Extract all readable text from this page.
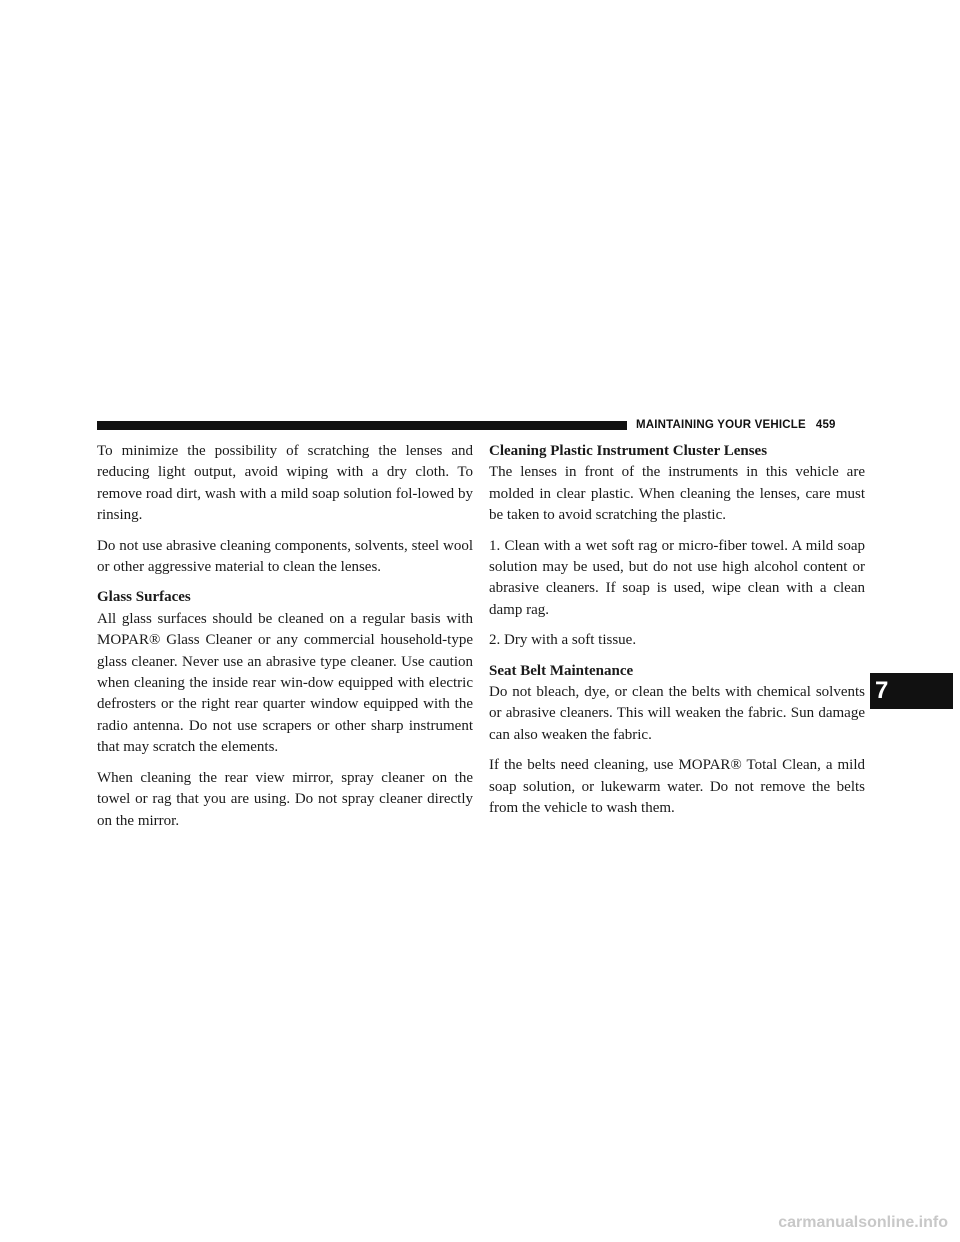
MAINTAINING YOUR VEHICLE 459

To minimize the possibility of scratching the lenses and reducing light output, avoid wiping with a dry cloth. To remove road dirt, wash with a mild soap solution fol-lowed by rinsing.

Do not use abrasive cleaning components, solvents, steel wool or other aggressive material to clean the lenses.

Glass Surfaces

All glass surfaces should be cleaned on a regular basis with MOPAR® Glass Cleaner or any commercial household-type glass cleaner. Never use an abrasive type cleaner. Use caution when cleaning the inside rear win-dow equipped with electric defrosters or the right rear quarter window equipped with the radio antenna. Do not use scrapers or other sharp instrument that may scratch the elements.

When cleaning the rear view mirror, spray cleaner on the towel or rag that you are using. Do not spray cleaner directly on the mirror.

Cleaning Plastic Instrument Cluster Lenses

The lenses in front of the instruments in this vehicle are molded in clear plastic. When cleaning the lenses, care must be taken to avoid scratching the plastic.

1. Clean with a wet soft rag or micro-fiber towel. A mild soap solution may be used, but do not use high alcohol content or abrasive cleaners. If soap is used, wipe clean with a clean damp rag.

2. Dry with a soft tissue.

Seat Belt Maintenance

Do not bleach, dye, or clean the belts with chemical solvents or abrasive cleaners. This will weaken the fabric. Sun damage can also weaken the fabric.

If the belts need cleaning, use MOPAR® Total Clean, a mild soap solution, or lukewarm water. Do not remove the belts from the vehicle to wash them.

7
carmanualsonline.info
